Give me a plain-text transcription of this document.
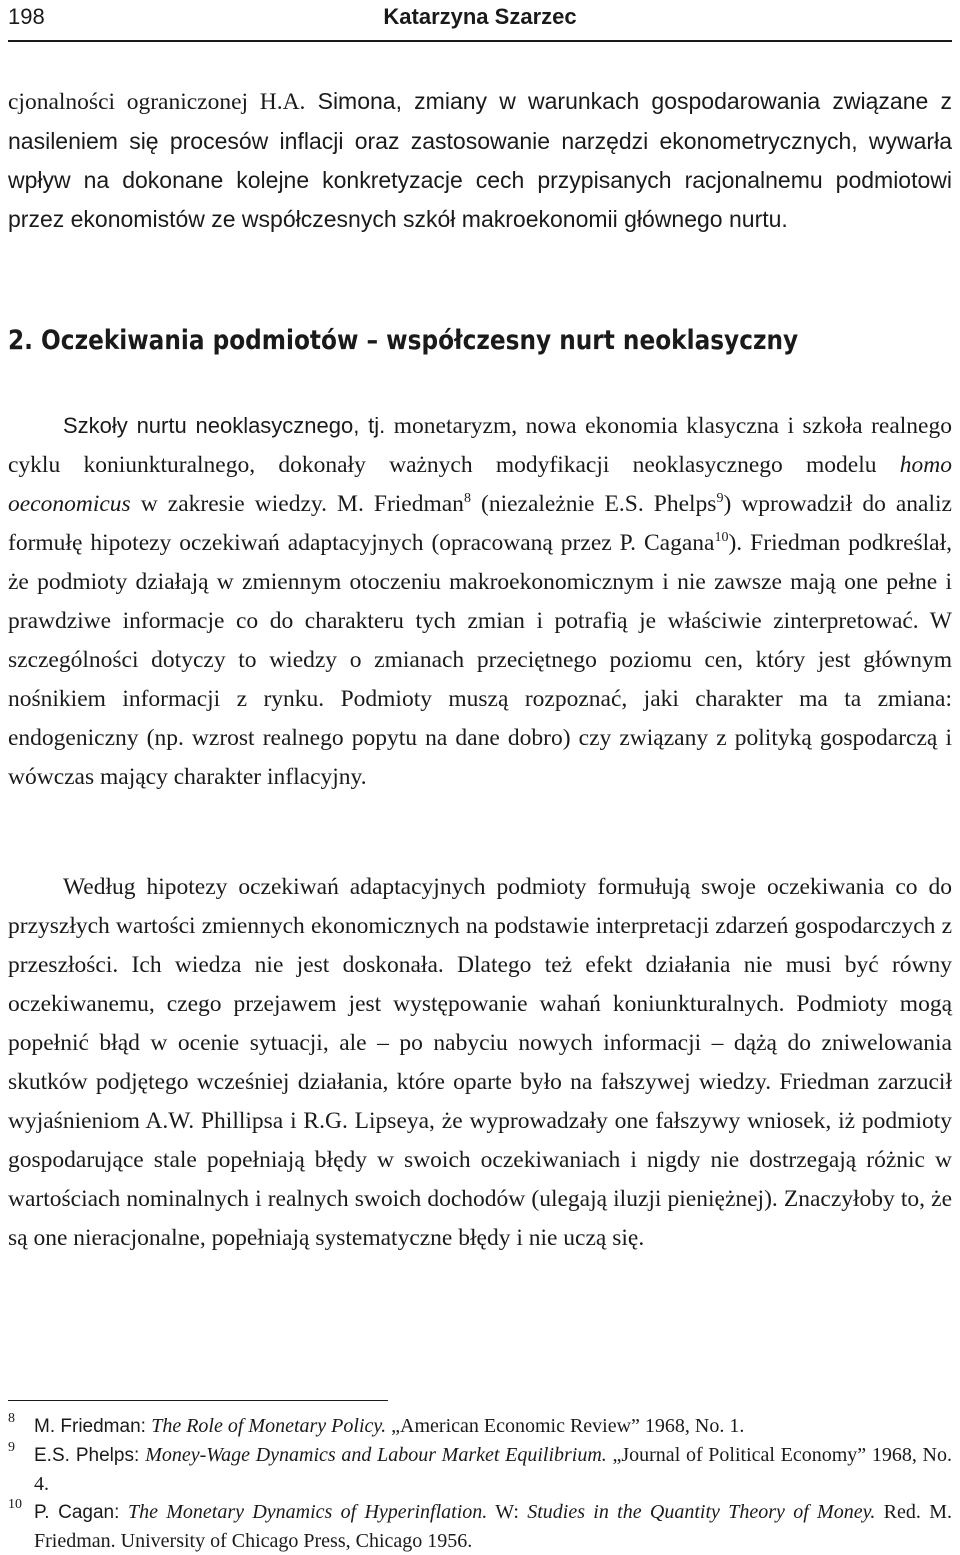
198	Katarzyna Szarzec

cjonalności ograniczonej H.A. Simona, zmiany w warunkach gospodarowania związane z nasileniem się procesów inflacji oraz zastosowanie narzędzi ekonometrycznych, wywarła wpływ na dokonane kolejne konkretyzacje cech przypisanych racjonalnemu podmiotowi przez ekonomistów ze współczesnych szkół makroekonomii głównego nurtu.

2. Oczekiwania podmiotów – współczesny nurt neoklasyczny

Szkoły nurtu neoklasycznego, tj. monetaryzm, nowa ekonomia klasyczna i szkoła realnego cyklu koniunkturalnego, dokonały ważnych modyfikacji neoklasycznego modelu homo oeconomicus w zakresie wiedzy. M. Friedman$^8$ (niezależnie E.S. Phelps$^9$) wprowadził do analiz formułę hipotezy oczekiwań adaptacyjnych (opracowaną przez P. Cagana$^{10}$). Friedman podkreślał, że podmioty działają w zmiennym otoczeniu makroekonomicznym i nie zawsze mają one pełne i prawdziwe informacje co do charakteru tych zmian i potrafią je właściwie zinterpretować. W szczególności dotyczy to wiedzy o zmianach przeciętnego poziomu cen, który jest głównym nośnikiem informacji z rynku. Podmioty muszą rozpoznać, jaki charakter ma ta zmiana: endogeniczny (np. wzrost realnego popytu na dane dobro) czy związany z polityką gospodarczą i wówczas mający charakter inflacyjny.

Według hipotezy oczekiwań adaptacyjnych podmioty formułują swoje oczekiwania co do przyszłych wartości zmiennych ekonomicznych na podstawie interpretacji zdarzeń gospodarczych z przeszłości. Ich wiedza nie jest doskonała. Dlatego też efekt działania nie musi być równy oczekiwanemu, czego przejawem jest występowanie wahań koniunkturalnych. Podmioty mogą popełnić błąd w ocenie sytuacji, ale – po nabyciu nowych informacji – dążą do zniwelowania skutków podjętego wcześniej działania, które oparte było na fałszywej wiedzy. Friedman zarzucił wyjaśnieniom A.W. Phillipsa i R.G. Lipseya, że wyprowadzały one fałszywy wniosek, iż podmioty gospodarujące stale popełniają błędy w swoich oczekiwaniach i nigdy nie dostrzegają różnic w wartościach nominalnych i realnych swoich dochodów (ulegają iluzji pieniężnej). Znaczyłoby to, że są one nieracjonalne, popełniają systematyczne błędy i nie uczą się.

8 M. Friedman: The Role of Monetary Policy. „American Economic Review” 1968, No. 1.

9 E.S. Phelps: Money-Wage Dynamics and Labour Market Equilibrium. „Journal of Political Economy” 1968, No. 4.

10 P. Cagan: The Monetary Dynamics of Hyperinflation. W: Studies in the Quantity Theory of Money. Red. M. Friedman. University of Chicago Press, Chicago 1956.
